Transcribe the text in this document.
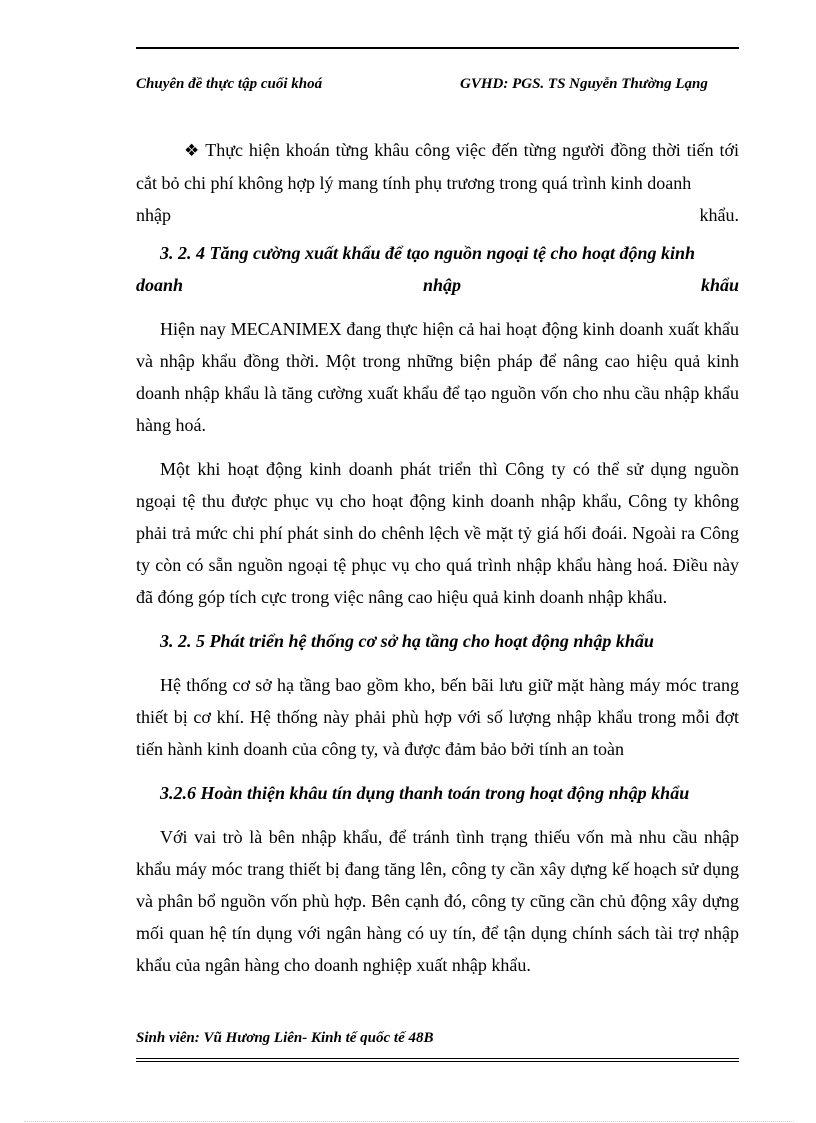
Chuyên đề thực tập cuối khoá	GVHD: PGS. TS Nguyễn Thường Lạng
❖ Thực hiện khoán từng khâu công việc đến từng người đồng thời tiến tới cắt bỏ chi phí không hợp lý mang tính phụ trương trong quá trình kinh doanh
nhập	khẩu.
3. 2. 4 Tăng cường xuất khẩu để tạo nguồn ngoại tệ cho hoạt động kinh
doanh	nhập	khẩu

Hiện nay MECANIMEX đang thực hiện cả hai hoạt động kinh doanh xuất khẩu và nhập khẩu đồng thời. Một trong những biện pháp để nâng cao hiệu quả kinh doanh nhập khẩu là tăng cường xuất khẩu để tạo nguồn vốn cho nhu cầu nhập khẩu hàng hoá.

Một khi hoạt động kinh doanh phát triển thì Công ty có thể sử dụng nguồn ngoại tệ thu được phục vụ cho hoạt động kinh doanh nhập khẩu, Công ty không phải trả mức chi phí phát sinh do chênh lệch về mặt tỷ giá hối đoái. Ngoài ra Công ty còn có sẵn nguồn ngoại tệ phục vụ cho quá trình nhập khẩu hàng hoá. Điều này đã đóng góp tích cực trong việc nâng cao hiệu quả kinh doanh nhập khẩu.

3. 2. 5 Phát triển hệ thống cơ sở hạ tầng cho hoạt động nhập khẩu

Hệ thống cơ sở hạ tầng bao gồm kho, bến bãi lưu giữ mặt hàng máy móc trang thiết bị cơ khí. Hệ thống này phải phù hợp với số lượng nhập khẩu trong mỗi đợt tiến hành kinh doanh của công ty, và được đảm bảo bởi tính an toàn

3.2.6 Hoàn thiện khâu tín dụng thanh toán trong hoạt động nhập khẩu

Với vai trò là bên nhập khẩu, để tránh tình trạng thiếu vốn mà nhu cầu nhập khẩu máy móc trang thiết bị đang tăng lên, công ty cần xây dựng kế hoạch sử dụng và phân bổ nguồn vốn phù hợp. Bên cạnh đó, công ty cũng cần chủ động xây dựng mối quan hệ tín dụng với ngân hàng có uy tín, để tận dụng chính sách tài trợ nhập khẩu của ngân hàng cho doanh nghiệp xuất nhập khẩu.

Sinh viên: Vũ Hương Liên- Kinh tế quốc tế 48B
